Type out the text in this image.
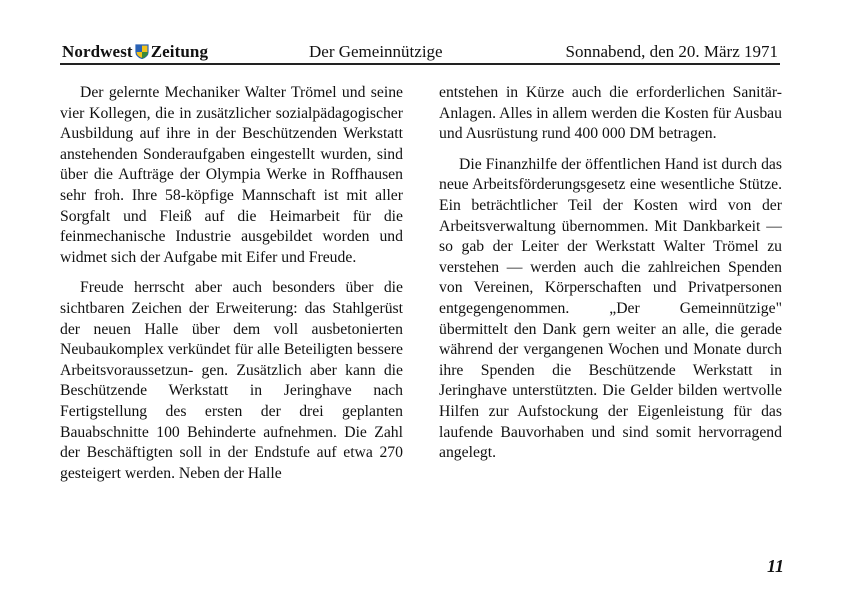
Nordwest Zeitung	Der Gemeinnützige	Sonnabend, den 20. März 1971

Der gelernte Mechaniker Walter Trömel und seine vier Kollegen, die in zusätzlicher sozialpädagogischer Ausbildung auf ihre in der Beschützenden Werkstatt anstehenden Sonderaufgaben eingestellt wurden, sind über die Aufträge der Olympia Werke in Roffhausen sehr froh. Ihre 58-köpfige Mannschaft ist mit aller Sorgfalt und Fleiß auf die Heimarbeit für die feinmechanische Industrie ausgebildet worden und widmet sich der Aufgabe mit Eifer und Freude.

Freude herrscht aber auch besonders über die sichtbaren Zeichen der Erweiterung: das Stahlgerüst der neuen Halle über dem voll ausbetonierten Neubaukomplex verkündet für alle Beteiligten bessere Arbeitsvoraussetzun- gen. Zusätzlich aber kann die Beschützende Werkstatt in Jeringhave nach Fertigstellung des ersten der drei geplanten Bauabschnitte 100 Behinderte aufnehmen. Die Zahl der Beschäftigten soll in der Endstufe auf etwa 270 gesteigert werden. Neben der Halle

entstehen in Kürze auch die erforderlichen Sanitär-Anlagen. Alles in allem werden die Kosten für Ausbau und Ausrüstung rund 400 000 DM betragen.

Die Finanzhilfe der öffentlichen Hand ist durch das neue Arbeitsförderungsgesetz eine wesentliche Stütze. Ein beträchtlicher Teil der Kosten wird von der Arbeitsverwaltung übernommen. Mit Dankbarkeit — so gab der Leiter der Werkstatt Walter Trömel zu verstehen — werden auch die zahlreichen Spenden von Vereinen, Körperschaften und Privatpersonen entgegengenommen. „Der Gemeinnützige" übermittelt den Dank gern weiter an alle, die gerade während der vergangenen Wochen und Monate durch ihre Spenden die Beschützende Werkstatt in Jeringhave unterstützten. Die Gelder bilden wertvolle Hilfen zur Aufstockung der Eigenleistung für das laufende Bauvorhaben und sind somit hervorragend angelegt.

11
